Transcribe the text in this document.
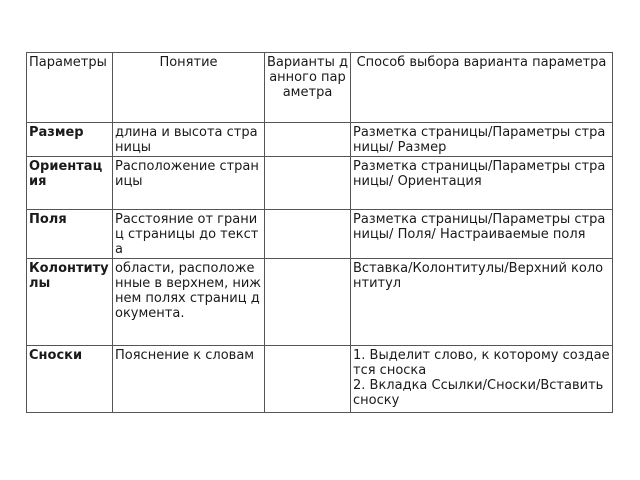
Параметры	Понятие	Варианты данного параметра	Способ выбора варианта параметра
Размер	длина и высота страницы		Разметка страницы/Параметры страницы/ Размер
Ориентация	Расположение страницы		Разметка страницы/Параметры страницы/ Ориентация
Поля	Расстояние от границ страницы до текста		Разметка страницы/Параметры страницы/ Поля/ Настраиваемые поля
Колонтитулы	области, расположенные в верхнем, нижнем полях страниц документа.		Вставка/Колонтитулы/Верхний колонтитул
Сноски	Пояснение к словам		1. Выделит слово, к которому создается сноска
2. Вкладка Ссылки/Сноски/Вставить сноску
